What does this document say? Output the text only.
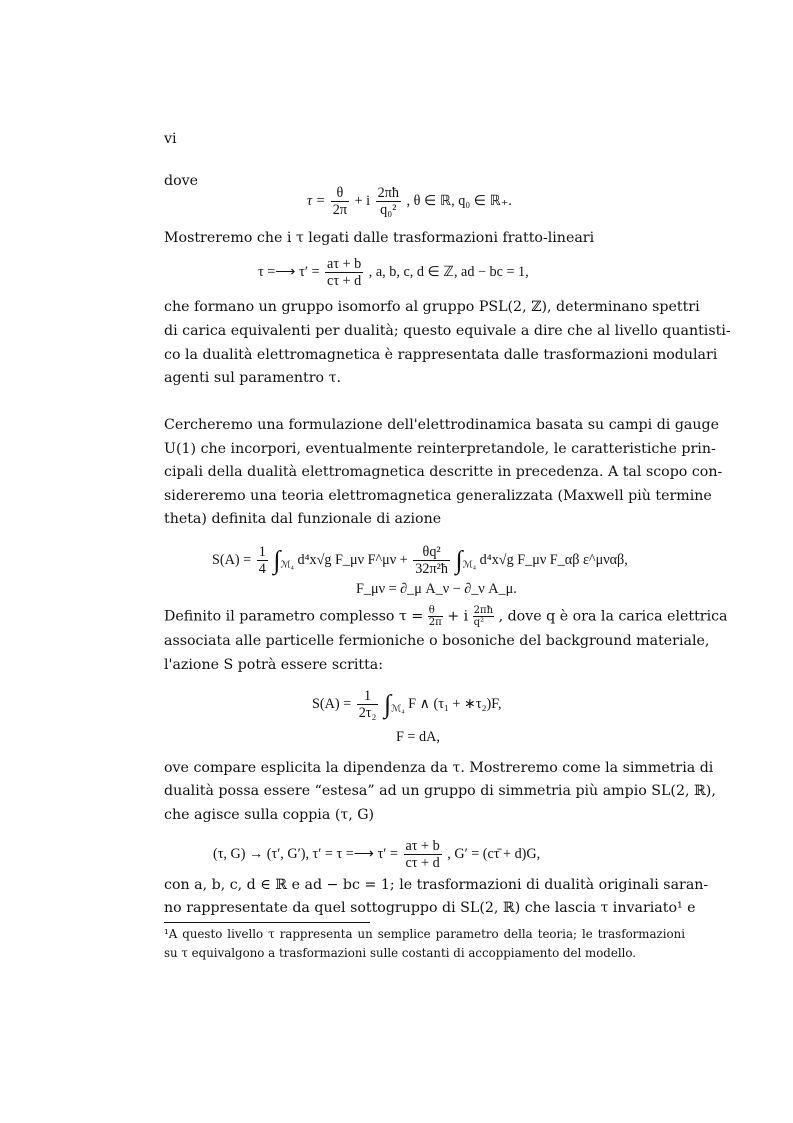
vi
dove
$\tau = \frac{\theta}{2\pi} + i \frac{2\pi ħ}{\text{q₀²}}$ , θ ∈ ℝ, q₀ ∈ ℝ₊.
Mostreremo che i τ legati dalle trasformazioni fratto-lineari
τ =⟶ $\tau' = \frac{a\tau + b}{c\tau + d}$ , a, b, c, d ∈ ℤ, ad − bc = 1,
che formano un gruppo isomorfo al gruppo PSL(2, ℤ), determinano spettri
di carica equivalenti per dualità; questo equivale a dire che al livello quantisti-
co la dualità elettromagnetica è rappresentata dalle trasformazioni modulari
agenti sul paramentro τ.
Cercheremo una formulazione dell'elettrodinamica basata su campi di gauge
U(1) che incorpori, eventualmente reinterpretandole, le caratteristiche prin-
cipali della dualità elettromagnetica descritte in precedenza. A tal scopo con-
sidereremo una teoria elettromagnetica generalizzata (Maxwell più termine
theta) definita dal funzionale di azione
$S(A) = \frac{1}{4} \int_{ℳ_4}$ d⁴x√g F_μν F^μν + $\frac{\text{θq²}}{\text{32π²ħ}} \int_{ℳ_4}$ d⁴x√g F_μν F_αβ ε^μναβ,
F_μν = ∂_μ A_ν − ∂_ν A_μ.
Definito il parametro complesso $\tau = \frac{\theta}{2\pi} + i \frac{2\pi ħ}{\text{q²}}$ , dove q è ora la carica elettrica
associata alle particelle fermioniche o bosoniche del background materiale,
l'azione S potrà essere scritta:
$S(A) = \frac{1}{\text{2τ₂}} \int_{ℳ_4}$ F ∧ (τ₁ + ∗τ₂)F,
F = dA,
ove compare esplicita la dipendenza da τ. Mostreremo come la simmetria di
dualità possa essere “estesa” ad un gruppo di simmetria più ampio SL(2, ℝ),
che agisce sulla coppia (τ, G)
(τ, G) → (τ′, G′), τ′ = τ =⟶ $\tau' = \frac{a\tau + b}{c\tau + d}$ , G′ = (cτ̄ + d)G,
con a, b, c, d ∈ ℝ e ad − bc = 1; le trasformazioni di dualità originali saran-
no rappresentate da quel sottogruppo di SL(2, ℝ) che lascia τ invariato¹ e
¹A questo livello τ rappresenta un semplice parametro della teoria; le trasformazioni
su τ equivalgono a trasformazioni sulle costanti di accoppiamento del modello.
